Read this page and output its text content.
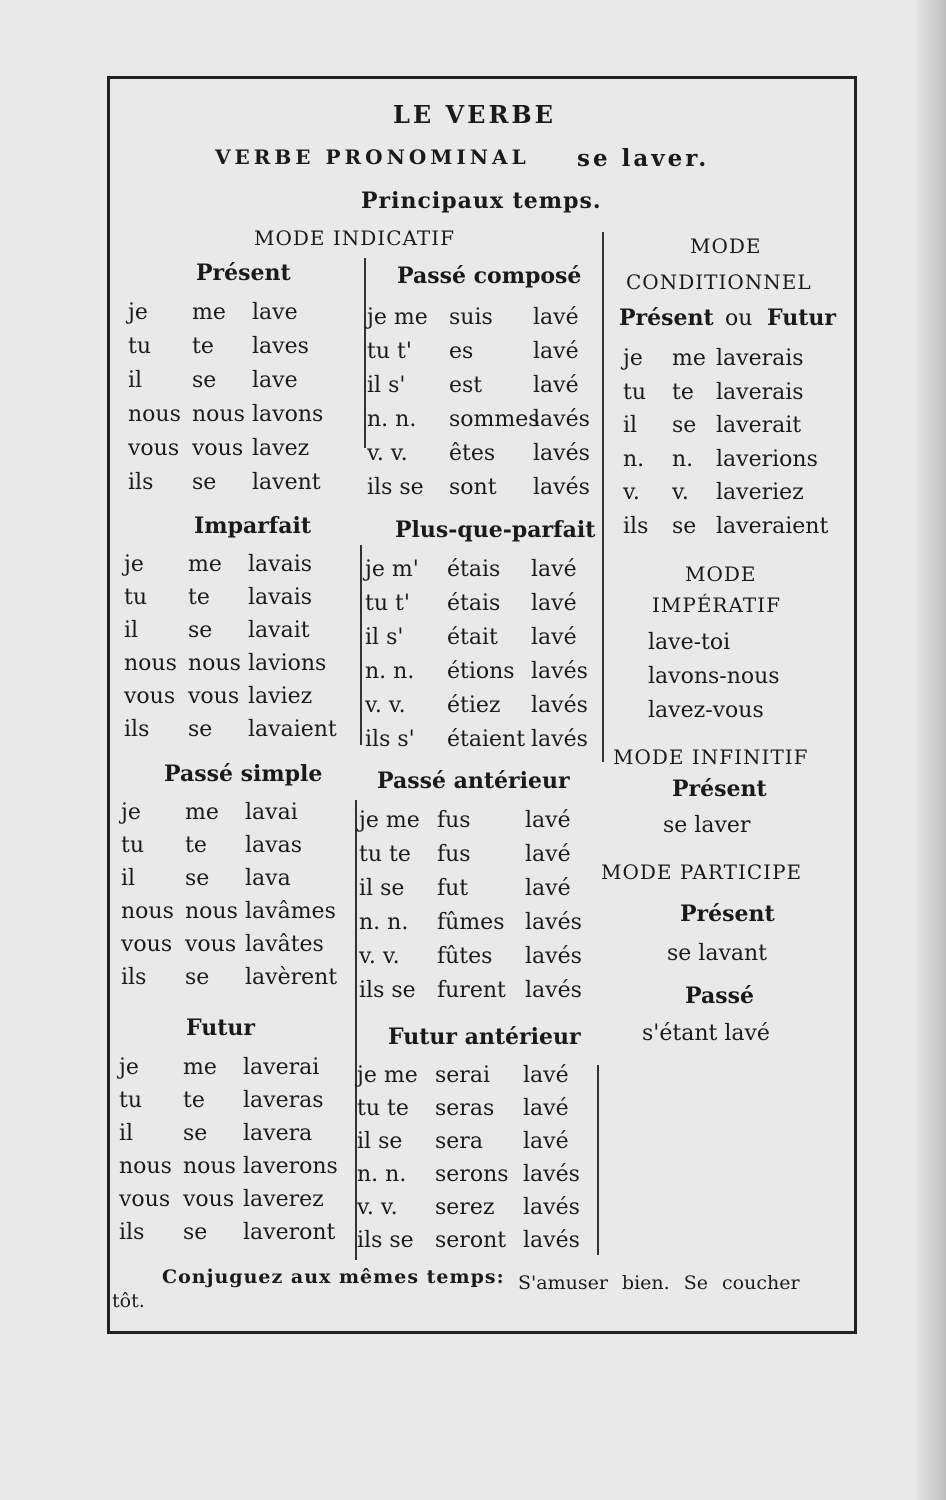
LE VERBE
VERBE PRONOMINAL se laver.
Principaux temps.
MODE INDICATIF
Présent
je me lave
tu te laves
il se lave
nous nous lavons
vous vous lavez
ils se lavent
Imparfait
je me lavais
tu te lavais
il se lavait
nous nous lavions
vous vous laviez
ils se lavaient
Passé simple
je me lavai
tu te lavas
il se lava
nous nous lavâmes
vous vous lavâtes
ils se lavèrent
Futur
je me laverai
tu te laveras
il se lavera
nous nous laverons
vous vous laverez
ils se laveront
Passé composé
je me suis lavé
tu t' es	lavé
il s' est lavé
n. n. sommes
lavés
v. v. êtes lavés
ils se sont lavés
Plus-que-parfait
je m' étais lavé
tu t' étais lavé
il s' était lavé
n. n. étions lavés
v. v. étiez lavés
ils s' étaient lavés
Passé antérieur
je me fus lavé
tu te fus lavé
il se fut	lavé
n. n. fûmes lavés
v. v. fûtes lavés
ils se furent lavés
Futur antérieur
je me serai lavé
tu te seras lavé
il se sera lavé
n. n. serons lavés
v. v. serez lavés
ils se seront lavés
MODE
CONDITIONNEL
Présent ou Futur
je me laverais
tu te laverais
il se laverait
n. n. laverions
v. v. laveriez
ils se laveraient
MODE
IMPÉRATIF
lave-toi
lavons-nous
lavez-vous
MODE INFINITIF
Présent
se laver
MODE PARTICIPE
Présent
se lavant
Passé
s'étant lavé
Conjuguez aux mêmes temps: S'amuser bien. Se coucher
tôt.
